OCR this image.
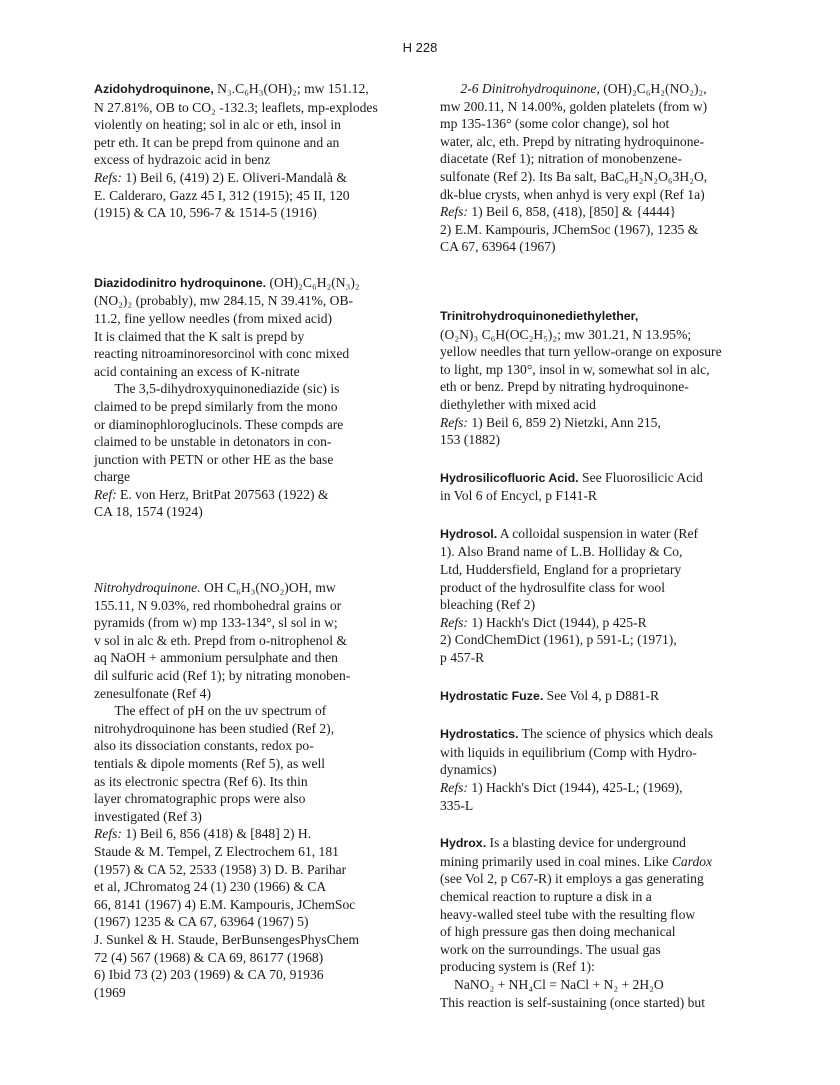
H 228

Azidohydroquinone, N₃.C₆H₃(OH)₂; mw 151.12,

N 27.81%, OB to CO₂ -132.3; leaflets, mp-explodes

violently on heating; sol in alc or eth, insol in

petr eth. It can be prepd from quinone and an

excess of hydrazoic acid in benz

Refs: 1) Beil 6, (419) 2) E. Oliveri-Mandalà &

E. Calderaro, Gazz 45 I, 312 (1915); 45 II, 120

(1915) & CA 10, 596-7 & 1514-5 (1916)

Diazidodinitro hydroquinone. (OH)₂C₆H₂(N₃)₂

(NO₂)₂ (probably), mw 284.15, N 39.41%, OB-

11.2, fine yellow needles (from mixed acid)

It is claimed that the K salt is prepd by

reacting nitroaminoresorcinol with conc mixed

acid containing an excess of K-nitrate

The 3,5-dihydroxyquinonediazide (sic) is

claimed to be prepd similarly from the mono

or diaminophloroglucinols. These compds are

claimed to be unstable in detonators in con-

junction with PETN or other HE as the base

charge

Ref: E. von Herz, BritPat 207563 (1922) &

CA 18, 1574 (1924)

Nitrohydroquinone. OH C₆H₃(NO₂)OH, mw

155.11, N 9.03%, red rhombohedral grains or

pyramids (from w) mp 133-134°, sl sol in w;

v sol in alc & eth. Prepd from o-nitrophenol &

aq NaOH + ammonium persulphate and then

dil sulfuric acid (Ref 1); by nitrating monoben-

zenesulfonate (Ref 4)

The effect of pH on the uv spectrum of

nitrohydroquinone has been studied (Ref 2),

also its dissociation constants, redox po-

tentials & dipole moments (Ref 5), as well

as its electronic spectra (Ref 6). Its thin

layer chromatographic props were also

investigated (Ref 3)

Refs: 1) Beil 6, 856 (418) & [848] 2) H.

Staude & M. Tempel, Z Electrochem 61, 181

(1957) & CA 52, 2533 (1958) 3) D. B. Parihar

et al, JChromatog 24 (1) 230 (1966) & CA

66, 8141 (1967) 4) E.M. Kampouris, JChemSoc

(1967) 1235 & CA 67, 63964 (1967) 5)

J. Sunkel & H. Staude, BerBunsengesPhysChem

72 (4) 567 (1968) & CA 69, 86177 (1968)

6) Ibid 73 (2) 203 (1969) & CA 70, 91936

(1969

2-6 Dinitrohydroquinone, (OH)₂C₆H₂(NO₂)₂,

mw 200.11, N 14.00%, golden platelets (from w)

mp 135-136° (some color change), sol hot

water, alc, eth. Prepd by nitrating hydroquinone-

diacetate (Ref 1); nitration of monobenzene-

sulfonate (Ref 2). Its Ba salt, BaC₆H₂N₂O₆3H₂O,

dk-blue crysts, when anhyd is very expl (Ref 1a)

Refs: 1) Beil 6, 858, (418), [850] & {4444}

2) E.M. Kampouris, JChemSoc (1967), 1235 &

CA 67, 63964 (1967)

Trinitrohydroquinonediethylether,

(O₂N)₃ C₆H(OC₂H₅)₂; mw 301.21, N 13.95%;

yellow needles that turn yellow-orange on exposure

to light, mp 130°, insol in w, somewhat sol in alc,

eth or benz. Prepd by nitrating hydroquinone-

diethylether with mixed acid

Refs: 1) Beil 6, 859 2) Nietzki, Ann 215,

153 (1882)

Hydrosilicofluoric Acid. See Fluorosilicic Acid

in Vol 6 of Encycl, p F141-R

Hydrosol. A colloidal suspension in water (Ref

1). Also Brand name of L.B. Holliday & Co,

Ltd, Huddersfield, England for a proprietary

product of the hydrosulfite class for wool

bleaching (Ref 2)

Refs: 1) Hackh's Dict (1944), p 425-R

2) CondChemDict (1961), p 591-L; (1971),

p 457-R

Hydrostatic Fuze. See Vol 4, p D881-R

Hydrostatics. The science of physics which deals

with liquids in equilibrium (Comp with Hydro-

dynamics)

Refs: 1) Hackh's Dict (1944), 425-L; (1969),

335-L

Hydrox. Is a blasting device for underground

mining primarily used in coal mines. Like Cardox

(see Vol 2, p C67-R) it employs a gas generating

chemical reaction to rupture a disk in a

heavy-walled steel tube with the resulting flow

of high pressure gas then doing mechanical

work on the surroundings. The usual gas

producing system is (Ref 1):

NaNO₂ + NH₄Cl = NaCl + N₂ + 2H₂O

This reaction is self-sustaining (once started) but
